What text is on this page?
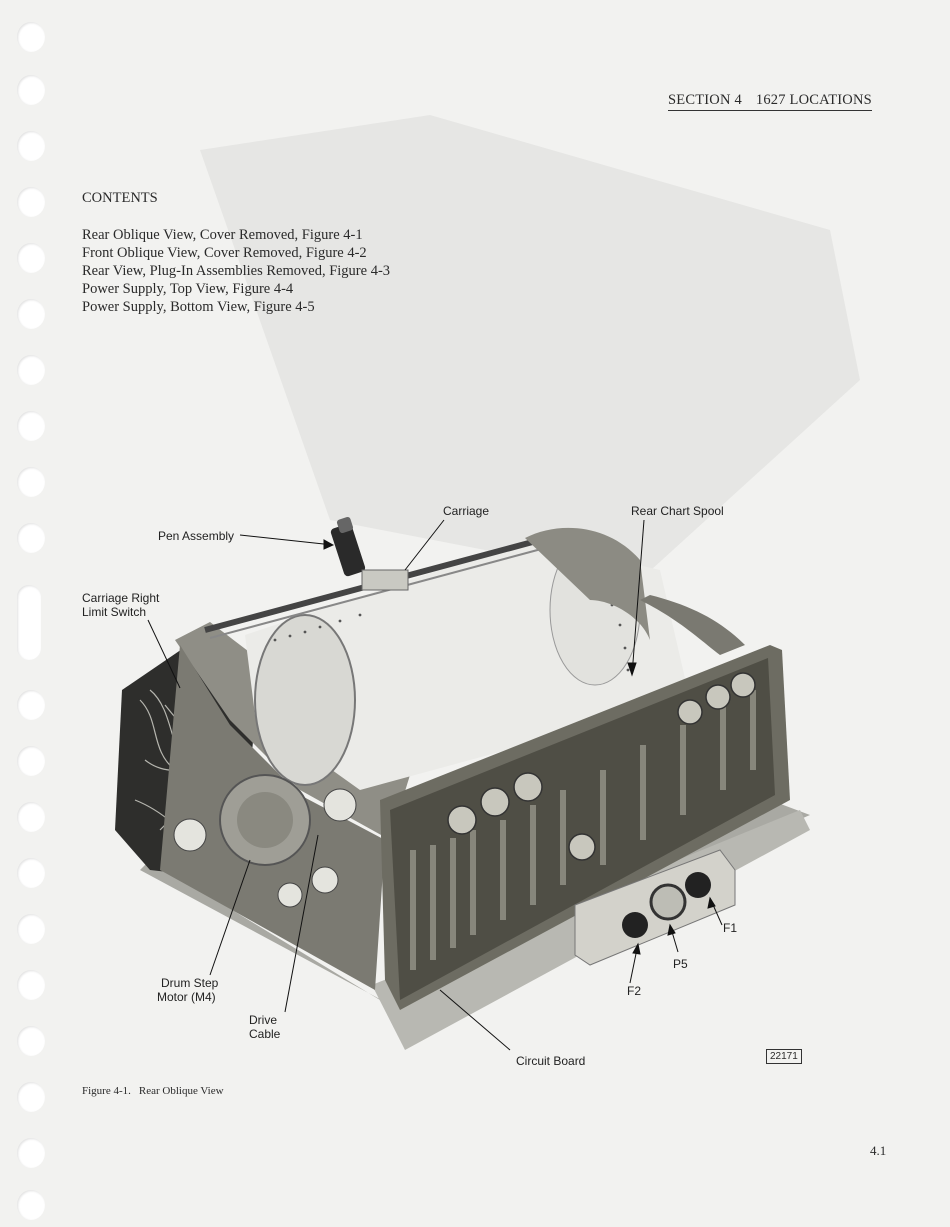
SECTION 4 1627 LOCATIONS
CONTENTS
Rear Oblique View, Cover Removed, Figure 4-1
Front Oblique View, Cover Removed, Figure 4-2
Rear View, Plug-In Assemblies Removed, Figure 4-3
Power Supply, Top View, Figure 4-4
Power Supply, Bottom View, Figure 4-5
Carriage	Rear Chart Spool
Pen Assembly
Carriage Right
Limit Switch
Drum Step
Motor (M4)
Drive
Cable
Circuit Board
F1
P5
F2
22171
Figure 4-1. Rear Oblique View
4.1
